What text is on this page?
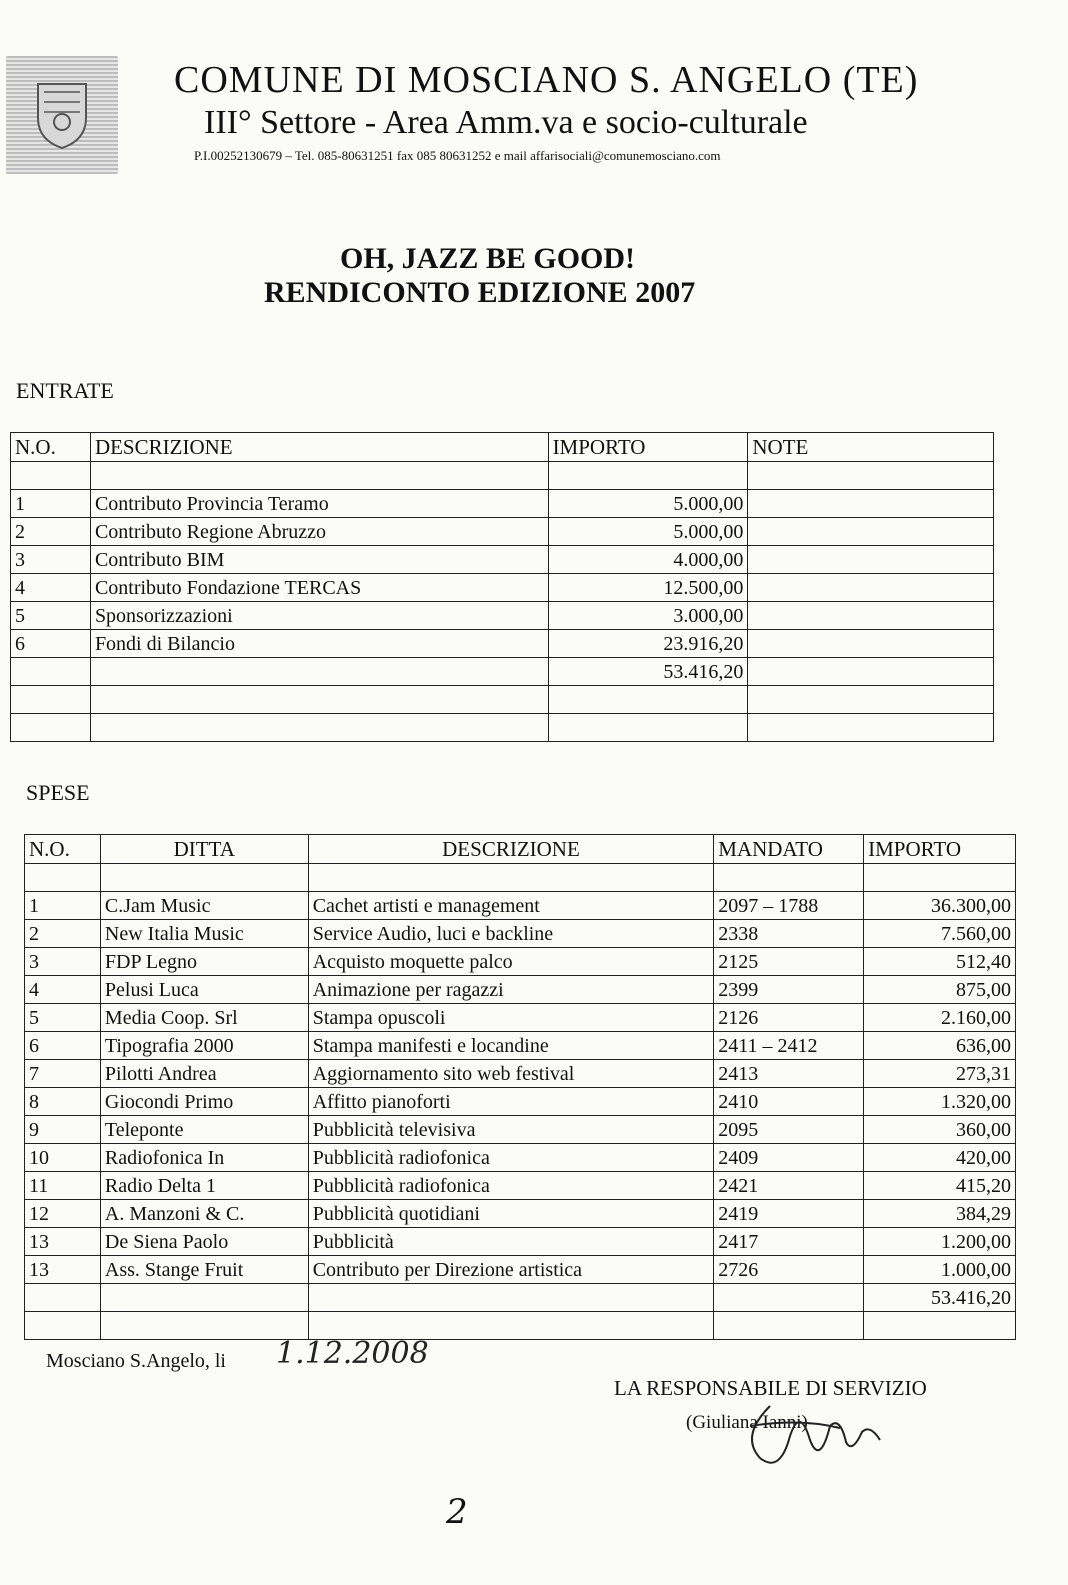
COMUNE DI MOSCIANO S. ANGELO (TE)
III° Settore - Area Amm.va e socio-culturale
P.I.00252130679 – Tel. 085-80631251 fax 085 80631252 e mail affarisociali@comunemosciano.com
OH, JAZZ BE GOOD!
RENDICONTO EDIZIONE 2007
ENTRATE
N.O.	DESCRIZIONE	IMPORTO	NOTE

1	Contributo Provincia Teramo	5.000,00	
2	Contributo Regione Abruzzo	5.000,00	
3	Contributo BIM	4.000,00	
4	Contributo Fondazione TERCAS	12.500,00	
5	Sponsorizzazioni	3.000,00	
6	Fondi di Bilancio	23.916,20	
		53.416,20	

SPESE
N.O.	DITTA	DESCRIZIONE	MANDATO	IMPORTO

1	C.Jam Music	Cachet artisti e management	2097 – 1788	36.300,00
2	New Italia Music	Service Audio, luci e backline	2338	7.560,00
3	FDP Legno	Acquisto moquette palco	2125	512,40
4	Pelusi Luca	Animazione per ragazzi	2399	875,00
5	Media Coop. Srl	Stampa opuscoli	2126	2.160,00
6	Tipografia 2000	Stampa manifesti e locandine	2411 – 2412	636,00
7	Pilotti Andrea	Aggiornamento sito web festival	2413	273,31
8	Giocondi Primo	Affitto pianoforti	2410	1.320,00
9	Teleponte	Pubblicità televisiva	2095	360,00
10	Radiofonica In	Pubblicità radiofonica	2409	420,00
11	Radio Delta 1	Pubblicità radiofonica	2421	415,20
12	A. Manzoni & C.	Pubblicità quotidiani	2419	384,29
13	De Siena Paolo	Pubblicità	2417	1.200,00
13	Ass. Stange Fruit	Contributo per Direzione artistica	2726	1.000,00
				53.416,20

Mosciano S.Angelo, li 1.12.2008
LA RESPONSABILE DI SERVIZIO
(Giuliana Ianni)
2
